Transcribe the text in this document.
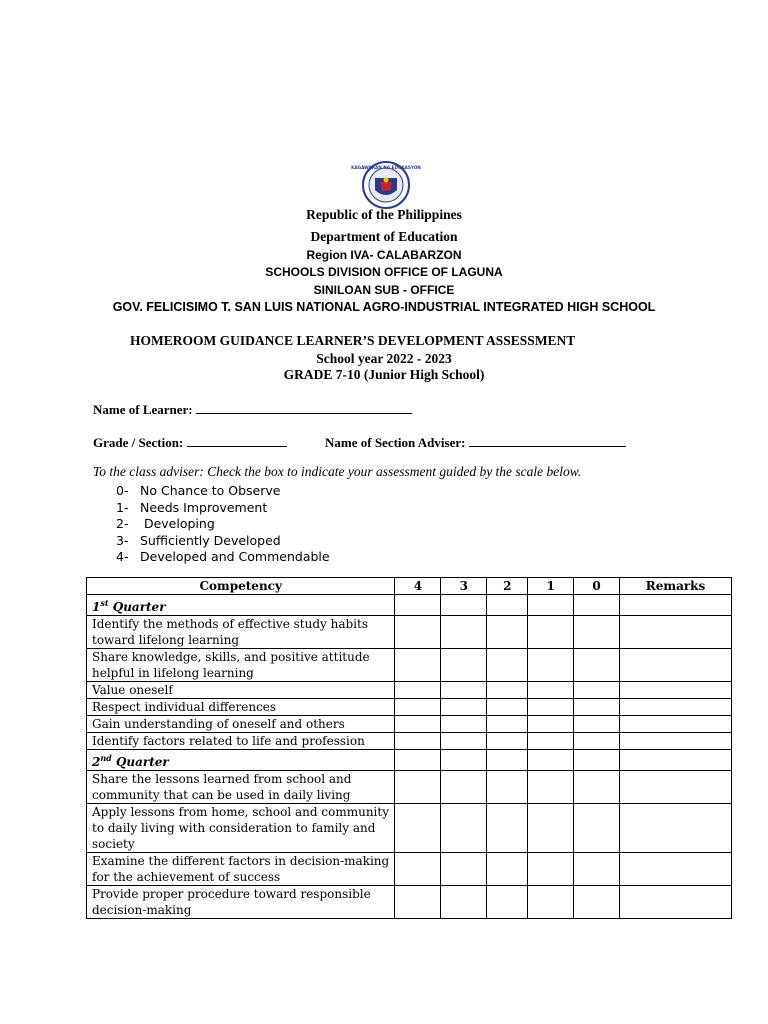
KAGAWARAN NG EDUKASYON
Republic of the Philippines
Department of Education
Region IVA- CALABARZON
SCHOOLS DIVISION OFFICE OF LAGUNA
SINILOAN SUB - OFFICE
GOV. FELICISIMO T. SAN LUIS NATIONAL AGRO-INDUSTRIAL INTEGRATED HIGH SCHOOL
HOMEROOM GUIDANCE LEARNER’S DEVELOPMENT ASSESSMENT
School year 2022 - 2023
GRADE 7-10 (Junior High School)
Name of Learner:
Grade / Section:	Name of Section Adviser:
To the class adviser: Check the box to indicate your assessment guided by the scale below.
0- No Chance to Observe
1- Needs Improvement
2- Developing
3- Sufficiently Developed
4- Developed and Commendable
Competency	4	3	2	1	0	Remarks
1st Quarter						
Identify the methods of effective study habits toward lifelong learning						
Share knowledge, skills, and positive attitude helpful in lifelong learning						
Value oneself						
Respect individual differences						
Gain understanding of oneself and others						
Identify factors related to life and profession						
2nd Quarter						
Share the lessons learned from school and community that can be used in daily living						
Apply lessons from home, school and community to daily living with consideration to family and society						
Examine the different factors in decision-making for the achievement of success						
Provide proper procedure toward responsible decision-making						
